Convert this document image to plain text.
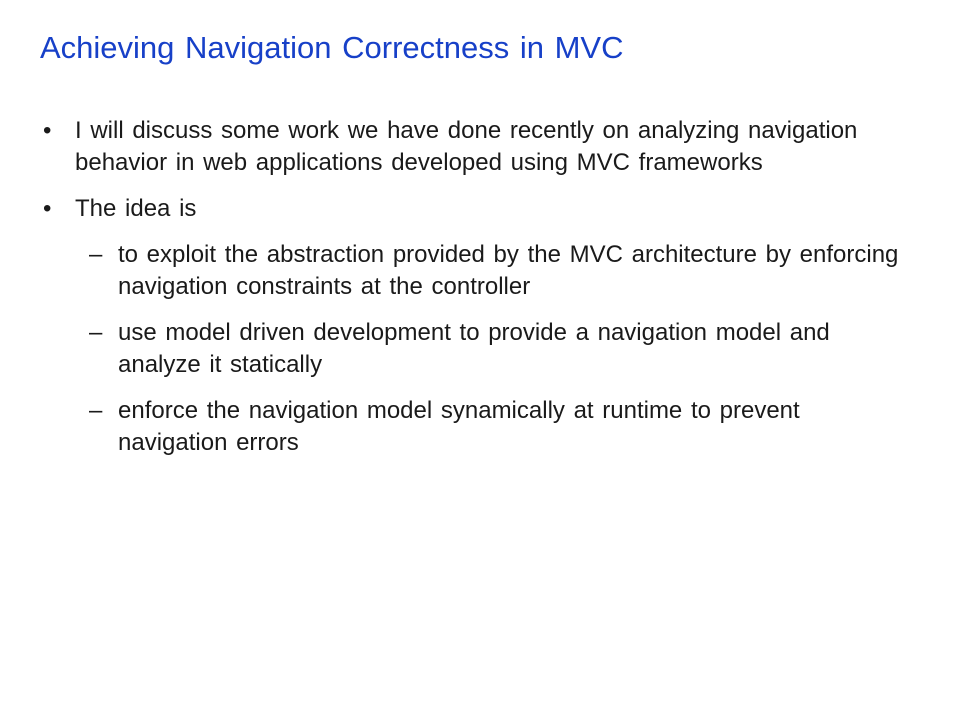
Achieving Navigation Correctness in MVC
• I will discuss some work we have done recently on analyzing navigation behavior in web applications developed using MVC frameworks
• The idea is
– to exploit the abstraction provided by the MVC architecture by enforcing navigation constraints at the controller
– use model driven development to provide a navigation model and analyze it statically
– enforce the navigation model synamically at runtime to prevent navigation errors
